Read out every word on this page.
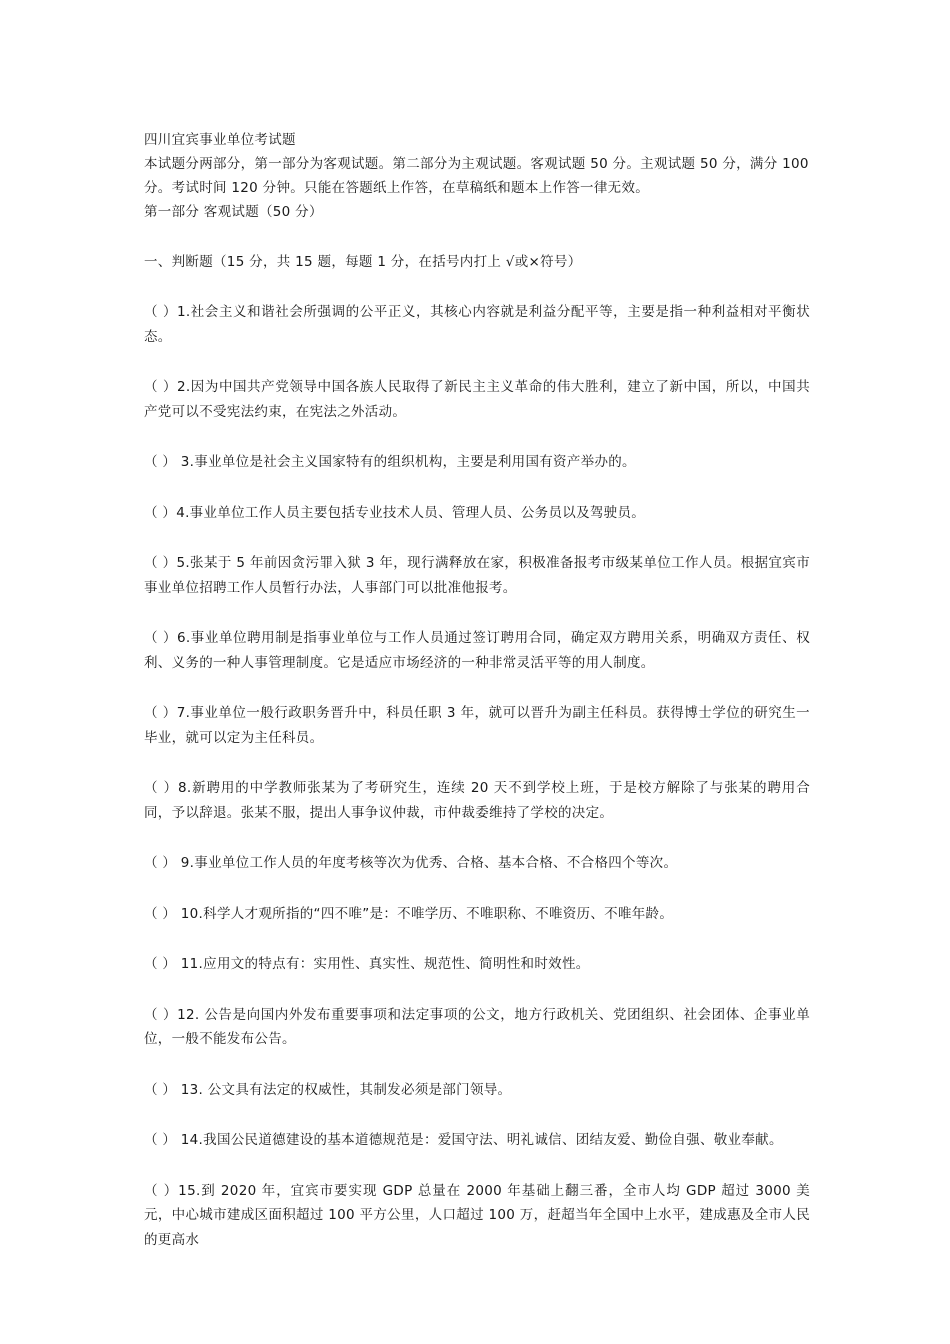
四川宜宾事业单位考试题

本试题分两部分，第一部分为客观试题。第二部分为主观试题。客观试题 50 分。主观试题 50 分，满分 100

分。考试时间 120 分钟。只能在答题纸上作答，在草稿纸和题本上作答一律无效。

第一部分 客观试题（50 分）

一、判断题（15 分，共 15 题，每题 1 分，在括号内打上 √或×符号）

（ ）1.社会主义和谐社会所强调的公平正义，其核心内容就是利益分配平等，主要是指一种利益相对平衡状态。
（ ）2.因为中国共产党领导中国各族人民取得了新民主主义革命的伟大胜利，建立了新中国，所以，中国共产党可以不受宪法约束，在宪法之外活动。
（ ） 3.事业单位是社会主义国家特有的组织机构，主要是利用国有资产举办的。
（ ）4.事业单位工作人员主要包括专业技术人员、管理人员、公务员以及驾驶员。
（ ）5.张某于 5 年前因贪污罪入狱 3 年，现行满释放在家，积极准备报考市级某单位工作人员。根据宜宾市事业单位招聘工作人员暂行办法，人事部门可以批准他报考。
（ ）6.事业单位聘用制是指事业单位与工作人员通过签订聘用合同，确定双方聘用关系，明确双方责任、权利、义务的一种人事管理制度。它是适应市场经济的一种非常灵活平等的用人制度。
（ ）7.事业单位一般行政职务晋升中，科员任职 3 年，就可以晋升为副主任科员。获得博士学位的研究生一毕业，就可以定为主任科员。
（ ）8.新聘用的中学教师张某为了考研究生，连续 20 天不到学校上班，于是校方解除了与张某的聘用合同，予以辞退。张某不服，提出人事争议仲裁，市仲裁委维持了学校的决定。
（ ） 9.事业单位工作人员的年度考核等次为优秀、合格、基本合格、不合格四个等次。
（ ） 10.科学人才观所指的“四不唯”是：不唯学历、不唯职称、不唯资历、不唯年龄。
（ ） 11.应用文的特点有：实用性、真实性、规范性、简明性和时效性。
（ ）12. 公告是向国内外发布重要事项和法定事项的公文，地方行政机关、党团组织、社会团体、企事业单位，一般不能发布公告。
（ ） 13. 公文具有法定的权威性，其制发必须是部门领导。
（ ） 14.我国公民道德建设的基本道德规范是：爱国守法、明礼诚信、团结友爱、勤俭自强、敬业奉献。
（ ）15.到 2020 年，宜宾市要实现 GDP 总量在 2000 年基础上翻三番，全市人均 GDP 超过 3000 美元，中心城市建成区面积超过 100 平方公里，人口超过 100 万，赶超当年全国中上水平，建成惠及全市人民的更高水
